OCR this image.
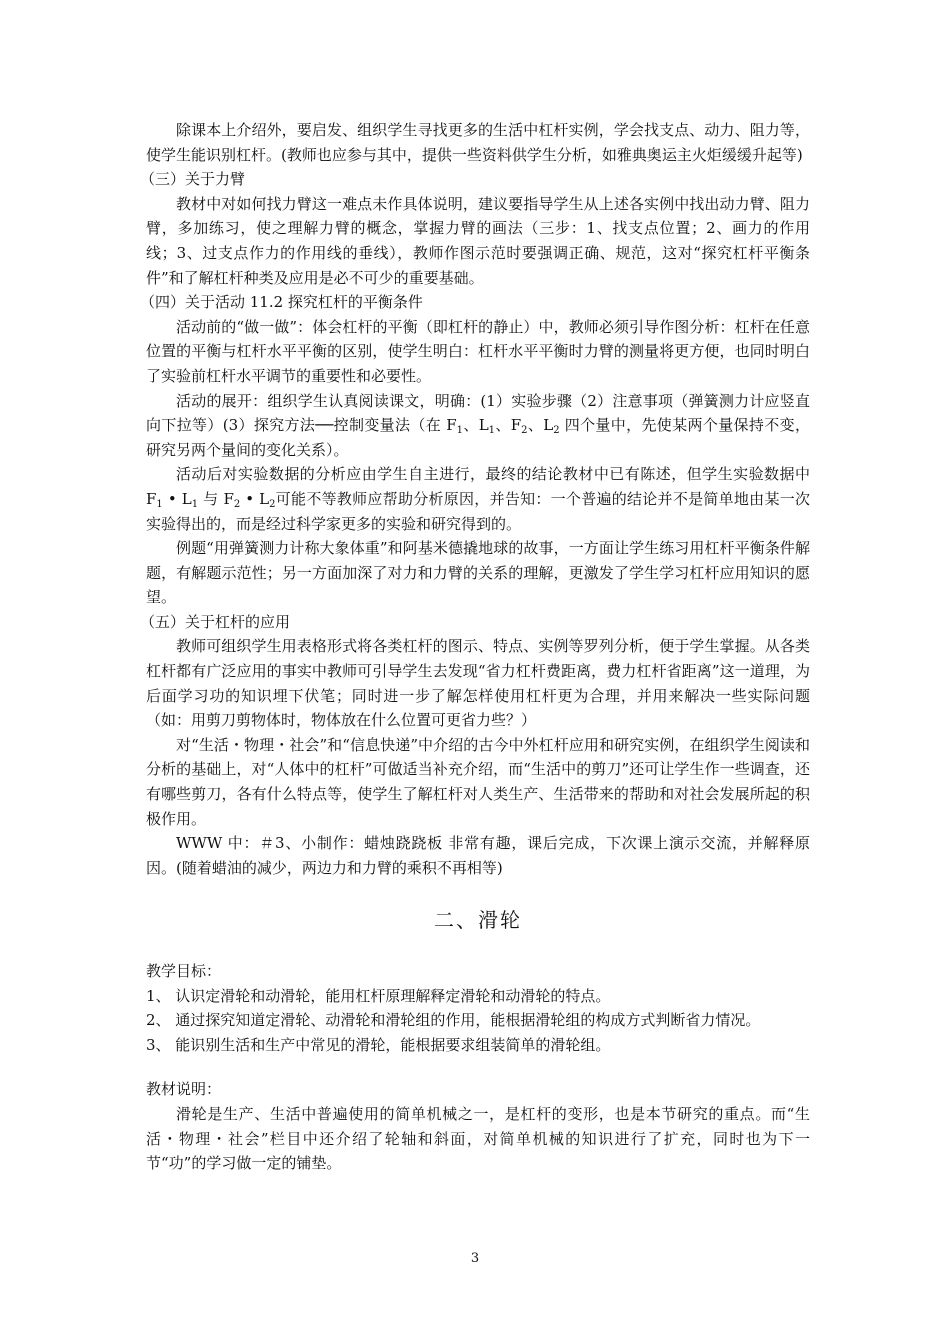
除课本上介绍外，要启发、组织学生寻找更多的生活中杠杆实例，学会找支点、动力、阻力等，使学生能识别杠杆。(教师也应参与其中，提供一些资料供学生分析，如雅典奥运主火炬缓缓升起等)

（三）关于力臂

教材中对如何找力臂这一难点未作具体说明，建议要指导学生从上述各实例中找出动力臂、阻力臂，多加练习，使之理解力臂的概念，掌握力臂的画法（三步：1、找支点位置；2、画力的作用线；3、过支点作力的作用线的垂线），教师作图示范时要强调正确、规范，这对“探究杠杆平衡条件”和了解杠杆种类及应用是必不可少的重要基础。

（四）关于活动 11.2 探究杠杆的平衡条件

活动前的“做一做”：体会杠杆的平衡（即杠杆的静止）中，教师必须引导作图分析：杠杆在任意位置的平衡与杠杆水平平衡的区别，使学生明白：杠杆水平平衡时力臂的测量将更方便，也同时明白了实验前杠杆水平调节的重要性和必要性。

活动的展开：组织学生认真阅读课文，明确：(1）实验步骤（2）注意事项（弹簧测力计应竖直向下拉等）(3）探究方法──控制变量法（在 $F_1$、$L_1$、$F_2$、$L_2$ 四个量中，先使某两个量保持不变，研究另两个量间的变化关系）。

活动后对实验数据的分析应由学生自主进行，最终的结论教材中已有陈述，但学生实验数据中 $F_1$ • $L_1$ 与 $F_2$ • $L_2$可能不等教师应帮助分析原因，并告知：一个普遍的结论并不是简单地由某一次实验得出的，而是经过科学家更多的实验和研究得到的。

例题“用弹簧测力计称大象体重”和阿基米德撬地球的故事，一方面让学生练习用杠杆平衡条件解题，有解题示范性；另一方面加深了对力和力臂的关系的理解，更激发了学生学习杠杆应用知识的愿望。

（五）关于杠杆的应用

教师可组织学生用表格形式将各类杠杆的图示、特点、实例等罗列分析，便于学生掌握。从各类杠杆都有广泛应用的事实中教师可引导学生去发现“省力杠杆费距离，费力杠杆省距离”这一道理，为后面学习功的知识埋下伏笔；同时进一步了解怎样使用杠杆更为合理，并用来解决一些实际问题（如：用剪刀剪物体时，物体放在什么位置可更省力些？）

对“生活・物理・社会”和“信息快递”中介绍的古今中外杠杆应用和研究实例，在组织学生阅读和分析的基础上，对“人体中的杠杆”可做适当补充介绍，而“生活中的剪刀”还可让学生作一些调查，还有哪些剪刀，各有什么特点等，使学生了解杠杆对人类生产、生活带来的帮助和对社会发展所起的积极作用。

WWW 中：＃3、小制作：蜡烛跷跷板 非常有趣，课后完成，下次课上演示交流，并解释原因。(随着蜡油的减少，两边力和力臂的乘积不再相等)

二、滑轮

教学目标：

1、 认识定滑轮和动滑轮，能用杠杆原理解释定滑轮和动滑轮的特点。

2、 通过探究知道定滑轮、动滑轮和滑轮组的作用，能根据滑轮组的构成方式判断省力情况。

3、 能识别生活和生产中常见的滑轮，能根据要求组装简单的滑轮组。

教材说明：

滑轮是生产、生活中普遍使用的简单机械之一，是杠杆的变形，也是本节研究的重点。而“生活・物理・社会”栏目中还介绍了轮轴和斜面，对简单机械的知识进行了扩充，同时也为下一节“功”的学习做一定的铺垫。

3
